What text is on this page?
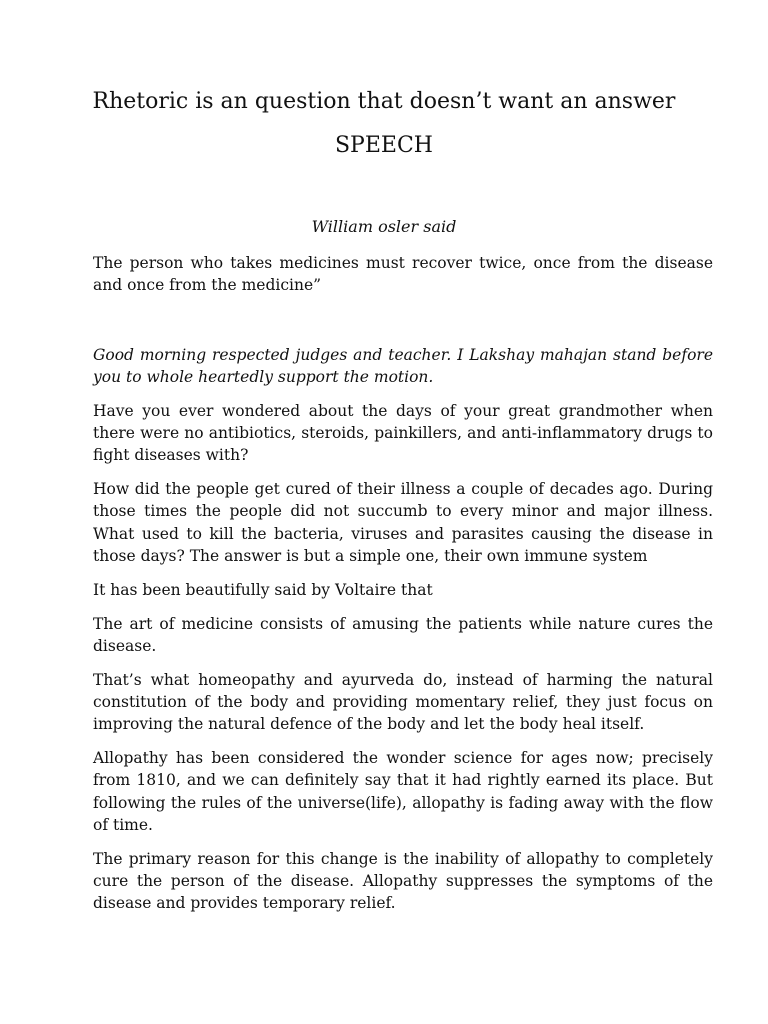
Rhetoric is an question that doesn’t want an answer
SPEECH

William osler said

The person who takes medicines must recover twice, once from the disease and once from the medicine”

Good morning respected judges and teacher. I Lakshay mahajan stand before you to whole heartedly support the motion.

Have you ever wondered about the days of your great grandmother when there were no antibiotics, steroids, painkillers, and anti-inflammatory drugs to fight diseases with?

How did the people get cured of their illness a couple of decades ago. During those times the people did not succumb to every minor and major illness. What used to kill the bacteria, viruses and parasites causing the disease in those days? The answer is but a simple one, their own immune system

It has been beautifully said by Voltaire that

The art of medicine consists of amusing the patients while nature cures the disease.

That’s what homeopathy and ayurveda do, instead of harming the natural constitution of the body and providing momentary relief, they just focus on improving the natural defence of the body and let the body heal itself.

Allopathy has been considered the wonder science for ages now; precisely from 1810, and we can definitely say that it had rightly earned its place. But following the rules of the universe(life), allopathy is fading away with the flow of time.

The primary reason for this change is the inability of allopathy to completely cure the person of the disease. Allopathy suppresses the symptoms of the disease and provides temporary relief.
